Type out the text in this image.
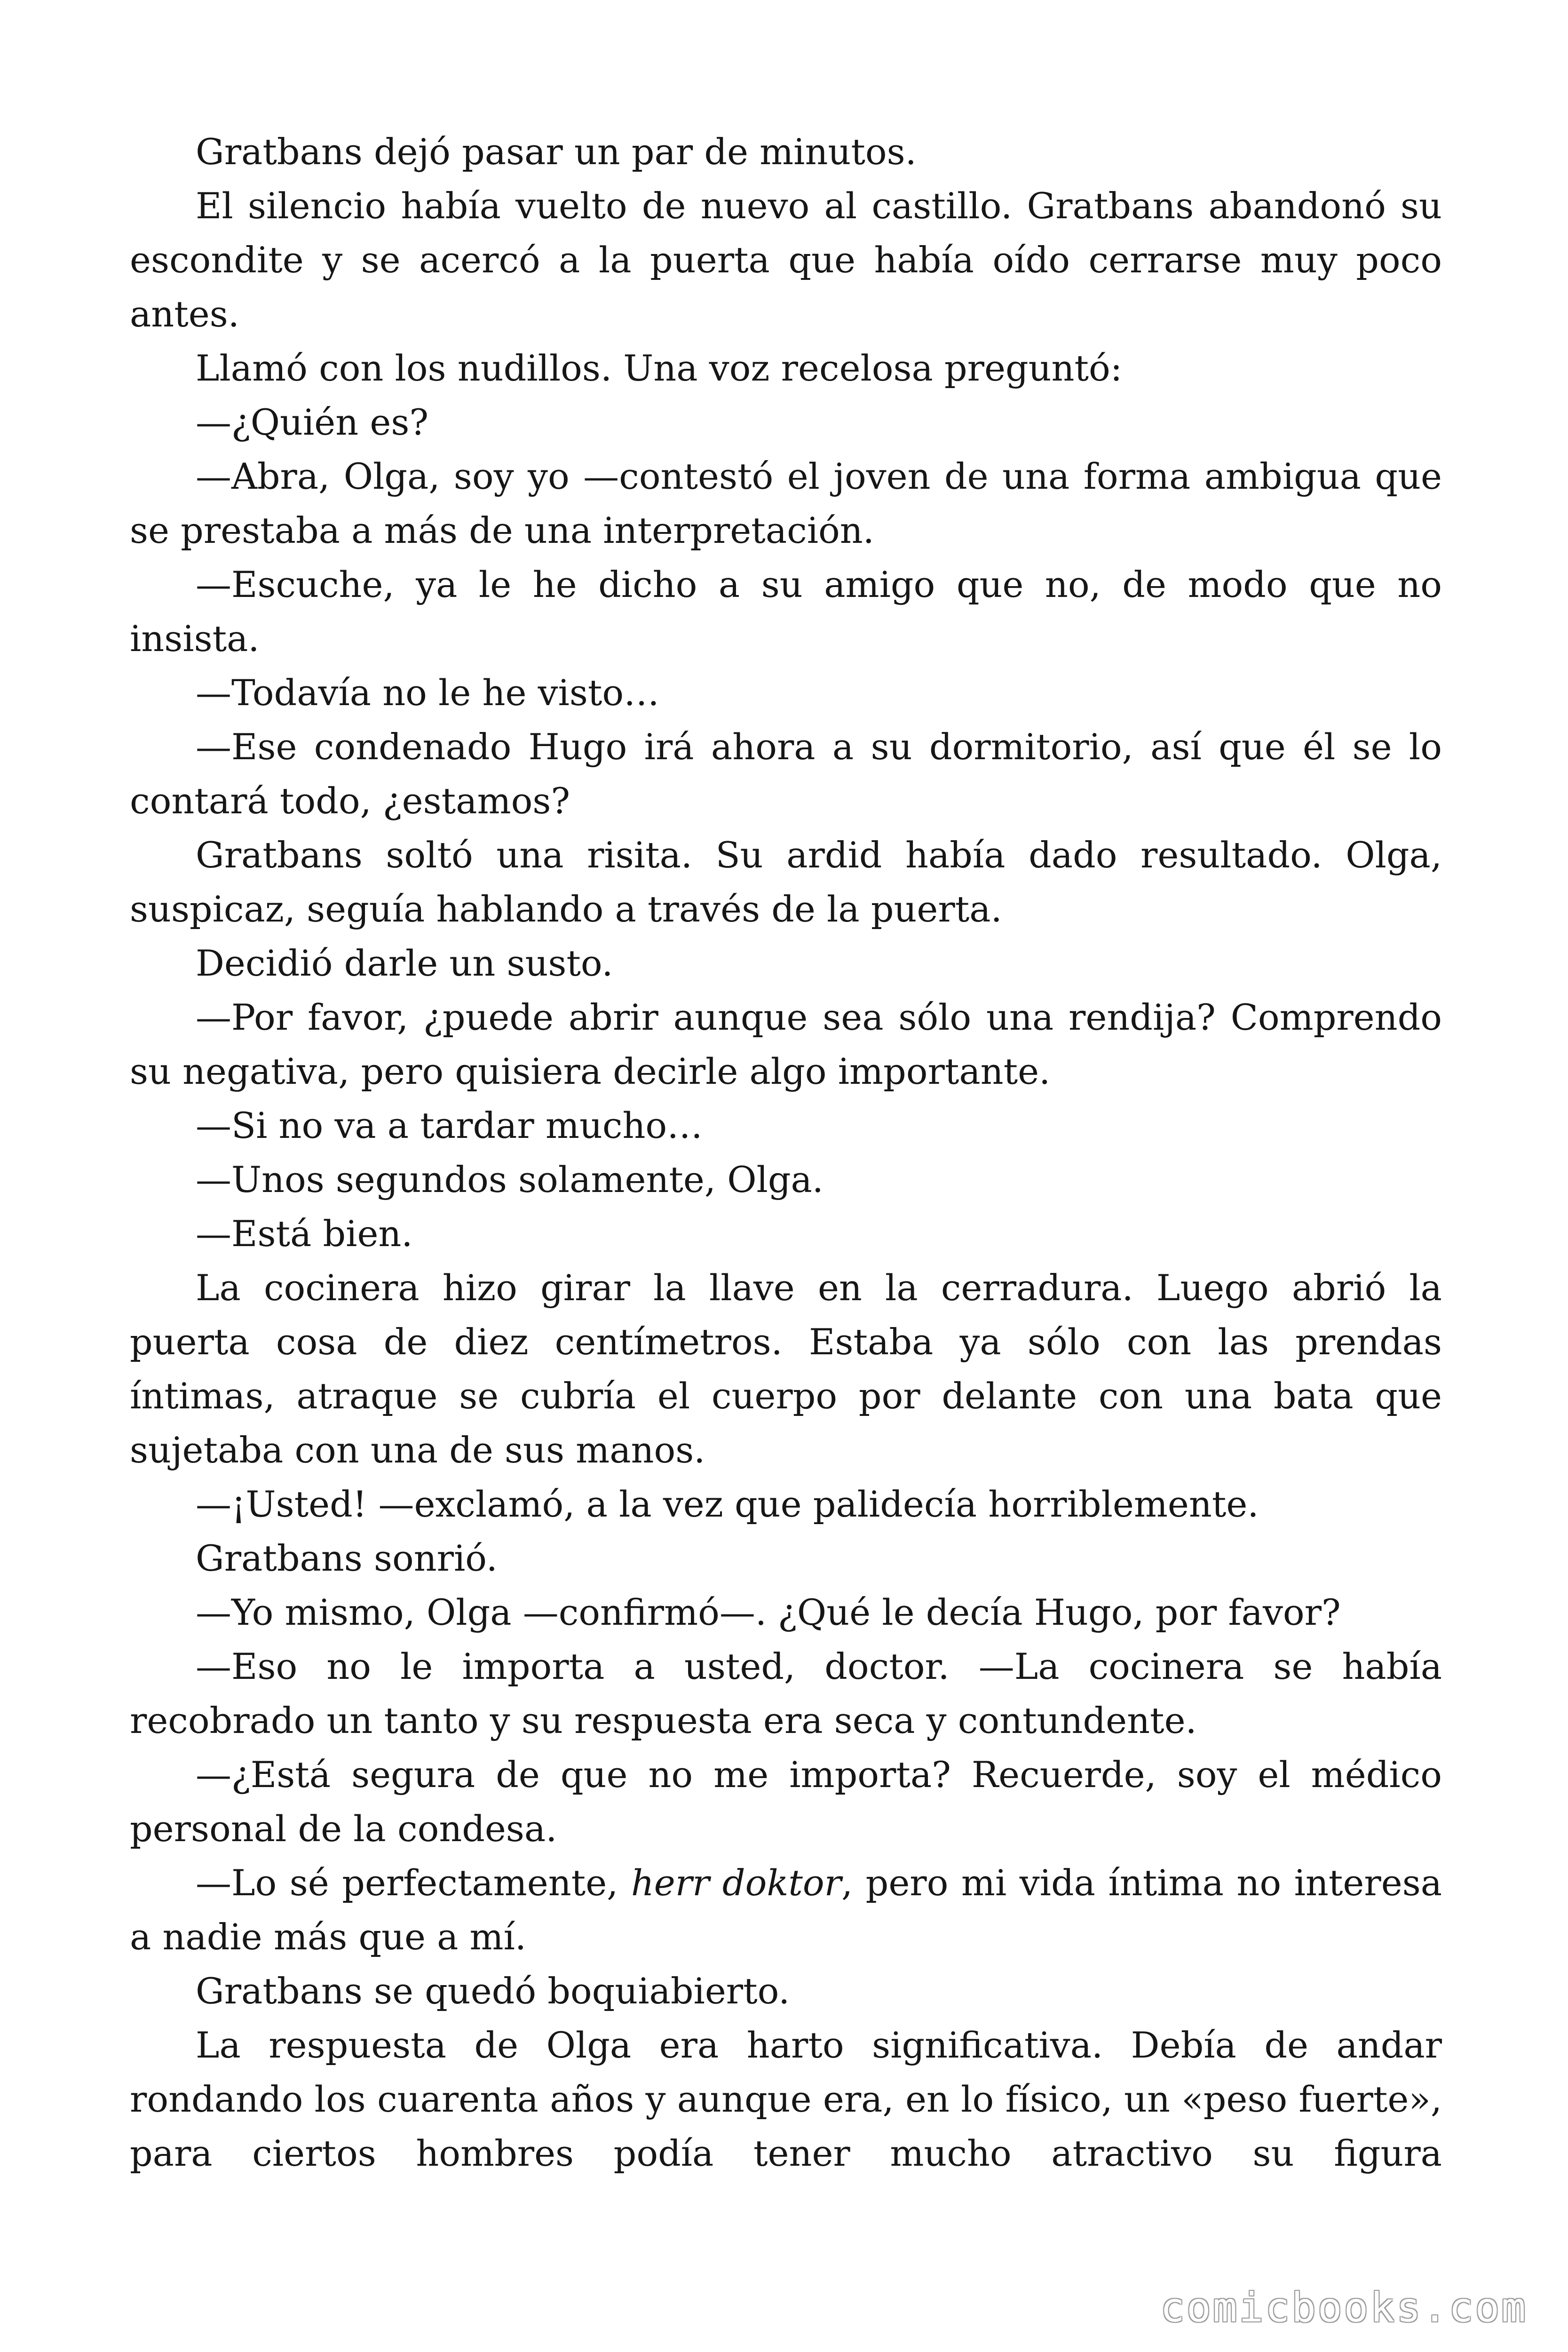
Gratbans dejó pasar un par de minutos.

El silencio había vuelto de nuevo al castillo. Gratbans abandonó su escondite y se acercó a la puerta que había oído cerrarse muy poco antes.

Llamó con los nudillos. Una voz recelosa preguntó:

—¿Quién es?

—Abra, Olga, soy yo —contestó el joven de una forma ambigua que se prestaba a más de una interpretación.

—Escuche, ya le he dicho a su amigo que no, de modo que no insista.

—Todavía no le he visto…

—Ese condenado Hugo irá ahora a su dormitorio, así que él se lo contará todo, ¿estamos?

Gratbans soltó una risita. Su ardid había dado resultado. Olga, suspicaz, seguía hablando a través de la puerta.

Decidió darle un susto.

—Por favor, ¿puede abrir aunque sea sólo una rendija? Comprendo su negativa, pero quisiera decirle algo importante.

—Si no va a tardar mucho…

—Unos segundos solamente, Olga.

—Está bien.

La cocinera hizo girar la llave en la cerradura. Luego abrió la puerta cosa de diez centímetros. Estaba ya sólo con las prendas íntimas, atraque se cubría el cuerpo por delante con una bata que sujetaba con una de sus manos.

—¡Usted! —exclamó, a la vez que palidecía horriblemente.

Gratbans sonrió.

—Yo mismo, Olga —confirmó—. ¿Qué le decía Hugo, por favor?

—Eso no le importa a usted, doctor. —La cocinera se había recobrado un tanto y su respuesta era seca y contundente.

—¿Está segura de que no me importa? Recuerde, soy el médico personal de la condesa.

—Lo sé perfectamente, herr doktor, pero mi vida íntima no interesa a nadie más que a mí.

Gratbans se quedó boquiabierto.

La respuesta de Olga era harto significativa. Debía de andar rondando los cuarenta años y aunque era, en lo físico, un «peso fuerte», para ciertos hombres podía tener mucho atractivo su figura

comicbooks.com
